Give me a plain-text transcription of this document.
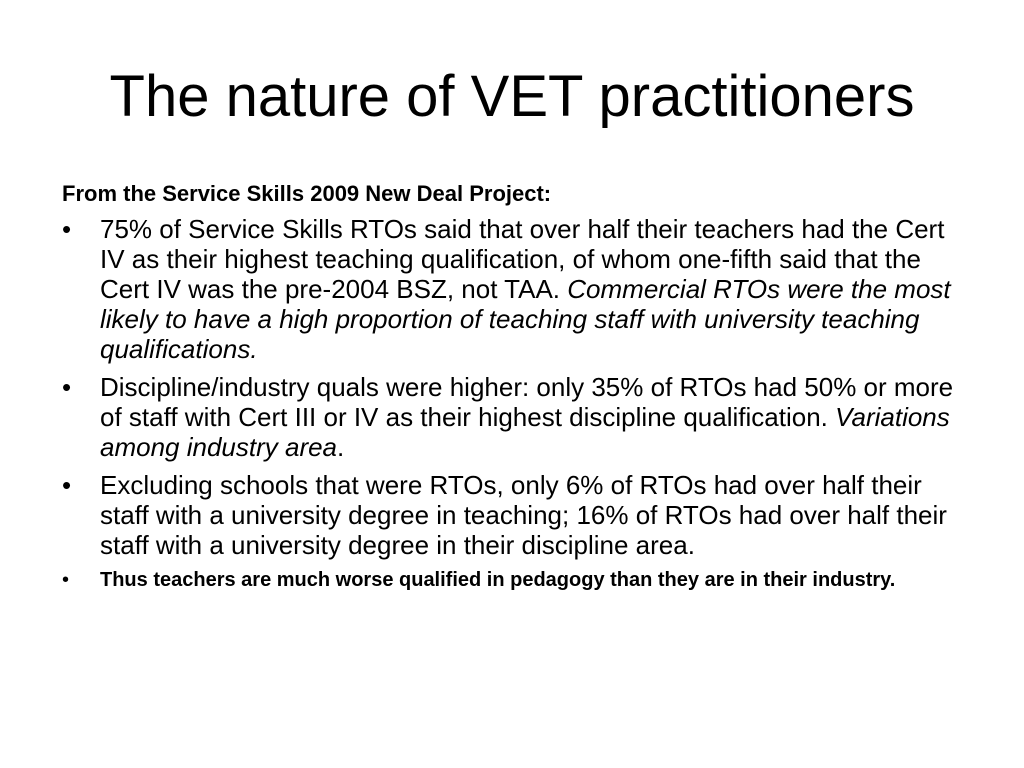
The nature of VET practitioners

From the Service Skills 2009 New Deal Project:

•	75% of Service Skills RTOs said that over half their teachers had the Cert IV as their highest teaching qualification, of whom one-fifth said that the Cert IV was the pre-2004 BSZ, not TAA. Commercial RTOs were the most likely to have a high proportion of teaching staff with university teaching qualifications.
•	Discipline/industry quals were higher: only 35% of RTOs had 50% or more of staff with Cert III or IV as their highest discipline qualification. Variations among industry area.
•	Excluding schools that were RTOs, only 6% of RTOs had over half their staff with a university degree in teaching; 16% of RTOs had over half their staff with a university degree in their discipline area.
•	Thus teachers are much worse qualified in pedagogy than they are in their industry.
